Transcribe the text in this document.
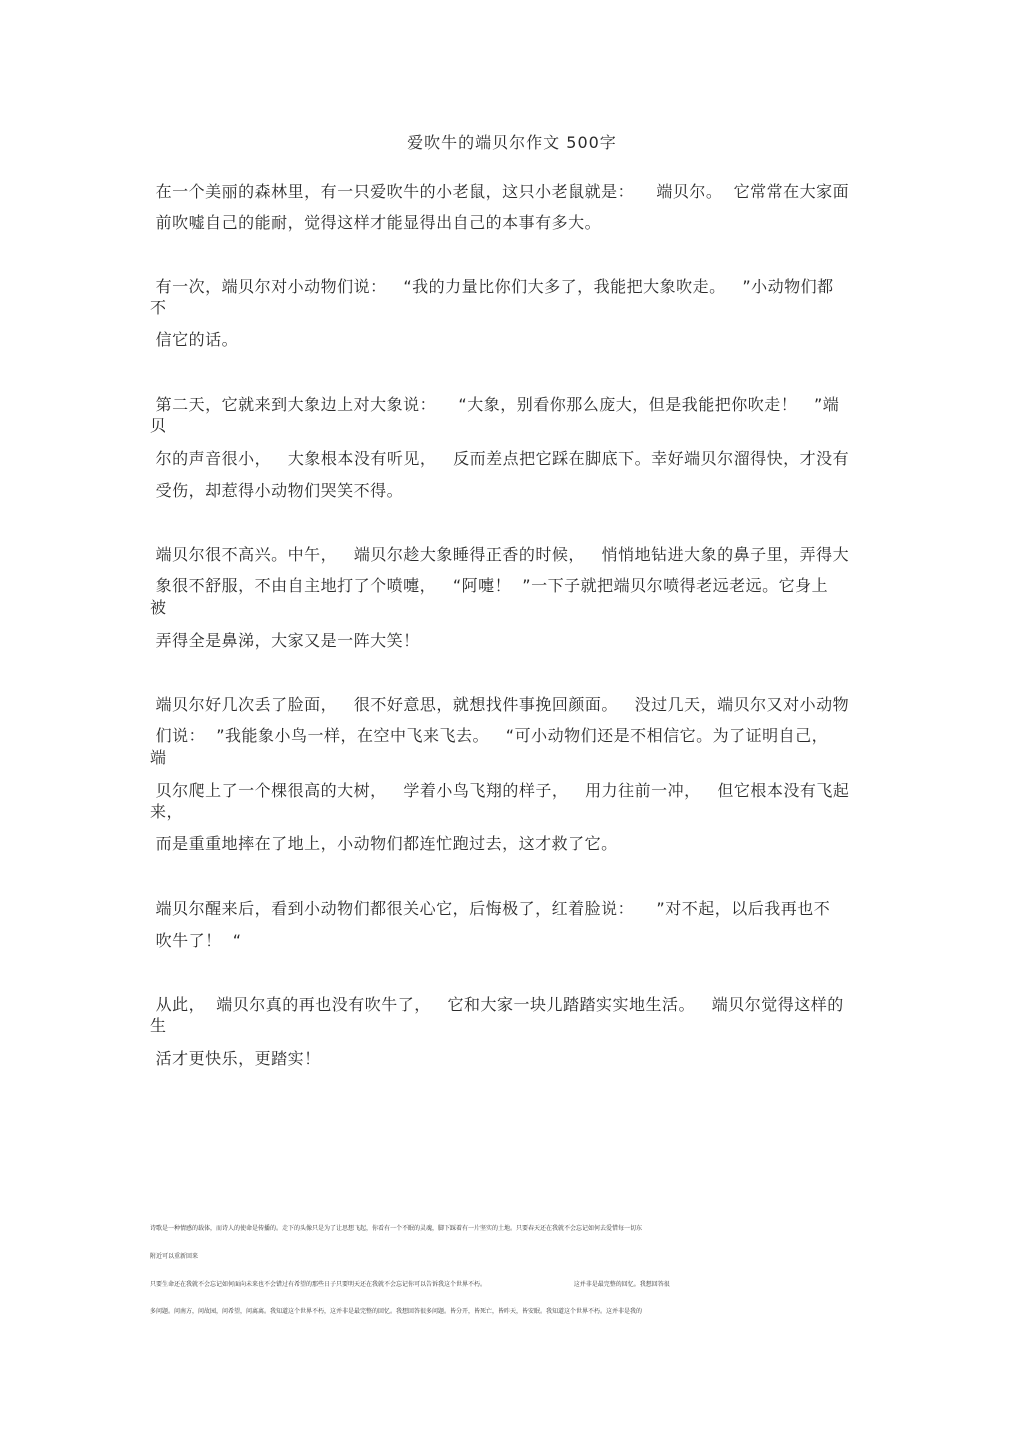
爱吹牛的端贝尔作文 500字
在一个美丽的森林里，有一只爱吹牛的小老鼠，这只小老鼠就是：    端贝尔。  它常常在大家面
前吹嘘自己的能耐，觉得这样才能显得出自己的本事有多大。
有一次，端贝尔对小动物们说：   “我的力量比你们大多了，我能把大象吹走。   ”小动物们都
不
信它的话。
第二天，它就来到大象边上对大象说：    “大象，别看你那么庞大，但是我能把你吹走！   ”端
贝
尔的声音很小，   大象根本没有听见，   反而差点把它踩在脚底下。幸好端贝尔溜得快，才没有
受伤，却惹得小动物们哭笑不得。
端贝尔很不高兴。中午，   端贝尔趁大象睡得正香的时候，   悄悄地钻进大象的鼻子里，弄得大
象很不舒服，不由自主地打了个喷嚏，   “阿嚏！  ”一下子就把端贝尔喷得老远老远。它身上
被
弄得全是鼻涕，大家又是一阵大笑！
端贝尔好几次丢了脸面，   很不好意思，就想找件事挽回颜面。   没过几天，端贝尔又对小动物
们说：  ”我能象小鸟一样，在空中飞来飞去。   “可小动物们还是不相信它。为了证明自己，
端
贝尔爬上了一个棵很高的大树，   学着小鸟飞翔的样子，   用力往前一冲，   但它根本没有飞起
来，
而是重重地摔在了地上，小动物们都连忙跑过去，这才救了它。
端贝尔醒来后，看到小动物们都很关心它，后悔极了，红着脸说：    ”对不起，以后我再也不
吹牛了！  “
从此，  端贝尔真的再也没有吹牛了，   它和大家一块儿踏踏实实地生活。   端贝尔觉得这样的
生
活才更快乐，更踏实！
诗歌是一种情感的载体，而诗人的使命是传播的。走下的头像只是为了让思想飞起，你看有一个不眠的灵魂，脚下踩着有一片坚实的土地。只要春天还在我就不会忘记如何去爱惜每一切东
附近可以重新回来
只要生命还在我就不会忘记如何面向未来也不会错过有希望的那些日子只要明天还在我就不会忘记你可以告诉我这个世界不朽。                                              这并非是最完整的回忆。我想回答很
多问题。问南方，问故园，问希望，问离离。我知道这个世界不朽，这并非是最完整的回忆。我想回答很多问题。皆分开，皆死亡，皆昨天，皆安眠。我知道这个世界不朽。这并非是我的
